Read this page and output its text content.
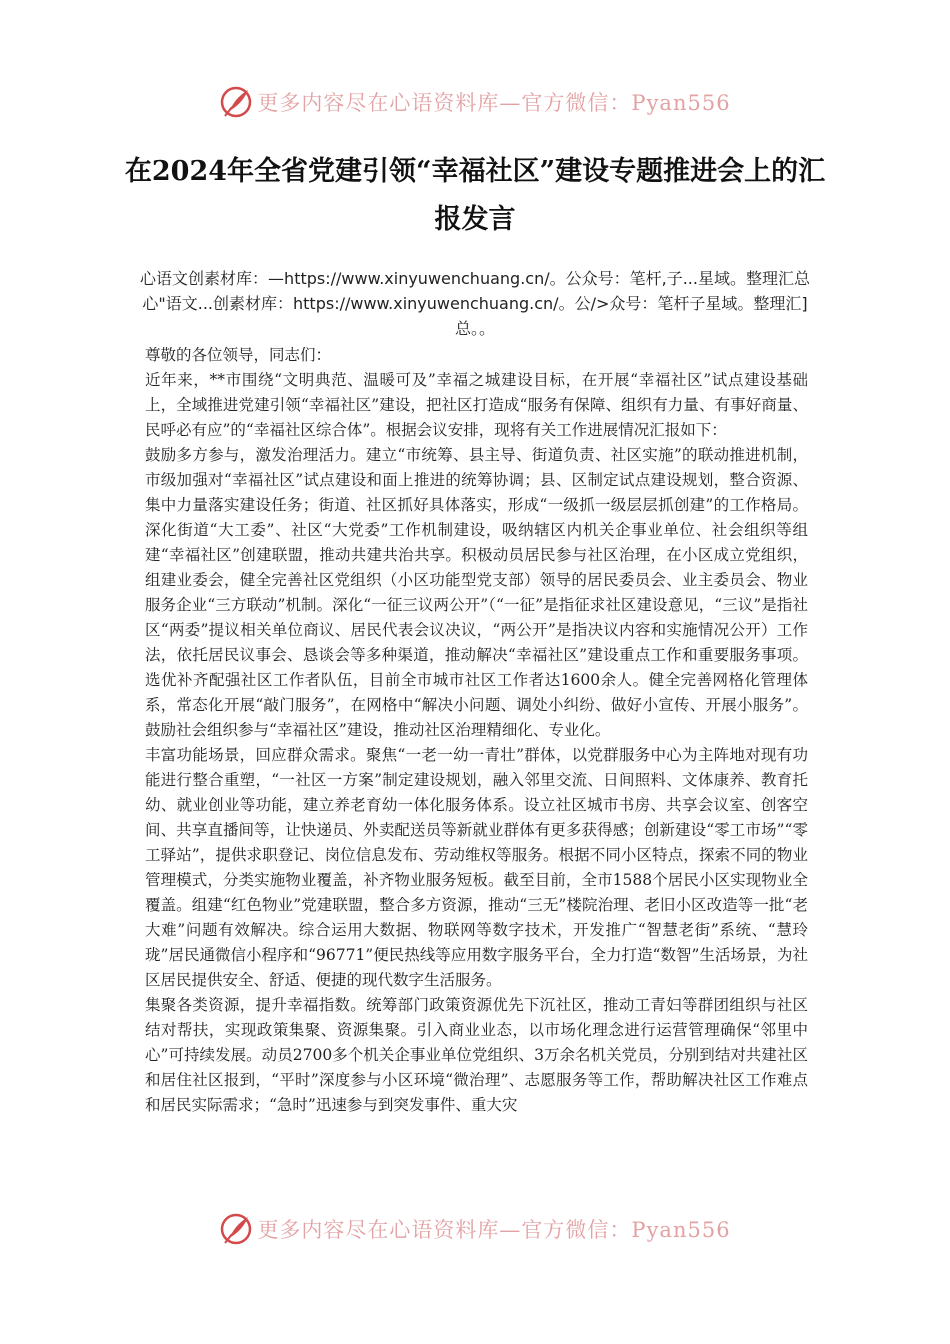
更多内容尽在心语资料库—官方微信：Pyan556
在2024年全省党建引领“幸福社区”建设专题推进会上的汇报发言

心语文创素材库：—https://www.xinyuwenchuang.cn/。公众号：笔杆,子...星域。整理汇总心"语文...创素材库：https://www.xinyuwenchuang.cn/。公/>众号：笔杆子星域。整理汇]总。。

尊敬的各位领导，同志们：

近年来，**市围绕“文明典范、温暖可及”幸福之城建设目标，在开展“幸福社区”试点建设基础上，全域推进党建引领“幸福社区”建设，把社区打造成“服务有保障、组织有力量、有事好商量、民呼必有应”的“幸福社区综合体”。根据会议安排，现将有关工作进展情况汇报如下：

鼓励多方参与，激发治理活力。建立“市统筹、县主导、街道负责、社区实施”的联动推进机制，市级加强对“幸福社区”试点建设和面上推进的统筹协调；县、区制定试点建设规划，整合资源、集中力量落实建设任务；街道、社区抓好具体落实，形成“一级抓一级层层抓创建”的工作格局。深化街道“大工委”、社区“大党委”工作机制建设，吸纳辖区内机关企事业单位、社会组织等组建“幸福社区”创建联盟，推动共建共治共享。积极动员居民参与社区治理，在小区成立党组织，组建业委会，健全完善社区党组织（小区功能型党支部）领导的居民委员会、业主委员会、物业服务企业“三方联动”机制。深化“一征三议两公开”（“一征”是指征求社区建设意见，“三议”是指社区“两委”提议相关单位商议、居民代表会议决议，“两公开”是指决议内容和实施情况公开）工作法，依托居民议事会、恳谈会等多种渠道，推动解决“幸福社区”建设重点工作和重要服务事项。选优补齐配强社区工作者队伍，目前全市城市社区工作者达1600余人。健全完善网格化管理体系，常态化开展“敲门服务”，在网格中“解决小问题、调处小纠纷、做好小宣传、开展小服务”。鼓励社会组织参与“幸福社区”建设，推动社区治理精细化、专业化。

丰富功能场景，回应群众需求。聚焦“一老一幼一青壮”群体，以党群服务中心为主阵地对现有功能进行整合重塑，“一社区一方案”制定建设规划，融入邻里交流、日间照料、文体康养、教育托幼、就业创业等功能，建立养老育幼一体化服务体系。设立社区城市书房、共享会议室、创客空间、共享直播间等，让快递员、外卖配送员等新就业群体有更多获得感；创新建设“零工市场”“零工驿站”，提供求职登记、岗位信息发布、劳动维权等服务。根据不同小区特点，探索不同的物业管理模式，分类实施物业覆盖，补齐物业服务短板。截至目前，全市1588个居民小区实现物业全覆盖。组建“红色物业”党建联盟，整合多方资源，推动“三无”楼院治理、老旧小区改造等一批“老大难”问题有效解决。综合运用大数据、物联网等数字技术，开发推广“智慧老街”系统、“慧玲珑”居民通微信小程序和“96771”便民热线等应用数字服务平台，全力打造“数智”生活场景，为社区居民提供安全、舒适、便捷的现代数字生活服务。

集聚各类资源，提升幸福指数。统筹部门政策资源优先下沉社区，推动工青妇等群团组织与社区结对帮扶，实现政策集聚、资源集聚。引入商业业态，以市场化理念进行运营管理确保“邻里中心”可持续发展。动员2700多个机关企事业单位党组织、3万余名机关党员，分别到结对共建社区和居住社区报到，“平时”深度参与小区环境“微治理”、志愿服务等工作，帮助解决社区工作难点和居民实际需求；“急时”迅速参与到突发事件、重大灾

更多内容尽在心语资料库—官方微信：Pyan556
